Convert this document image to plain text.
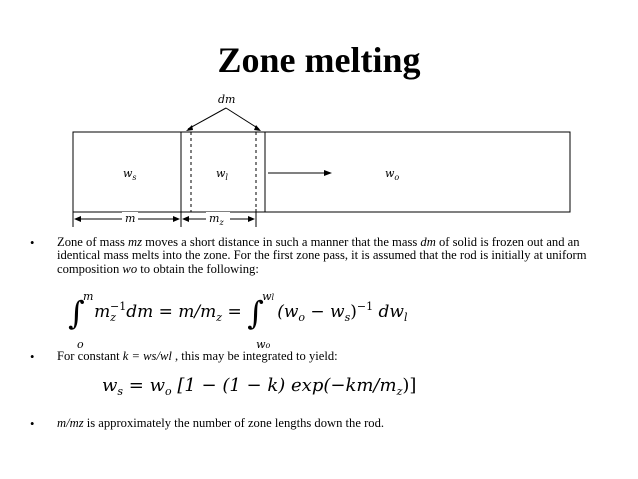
Zone melting
dm
$w_s$	$w_l$	$w_o$
m	$m_z$
• Zone of mass mz moves a short distance in such a manner that the mass dm of solid is frozen out and an identical mass melts into the zone. For the first zone pass, it is assumed that the rod is initially at uniform composition wo to obtain the following:
∫
m
o
$m_z^{-1}dm = m/m_z$ = ∫
wl
wo
$(w_o - w_s)^{-1}$ $dw_l$
• For constant k = ws/wl , this may be integrated to yield:
$w_s = w_o$ [1 − (1 − k) $\exp(-km/m_z)$]
• m/mz is approximately the number of zone lengths down the rod.
